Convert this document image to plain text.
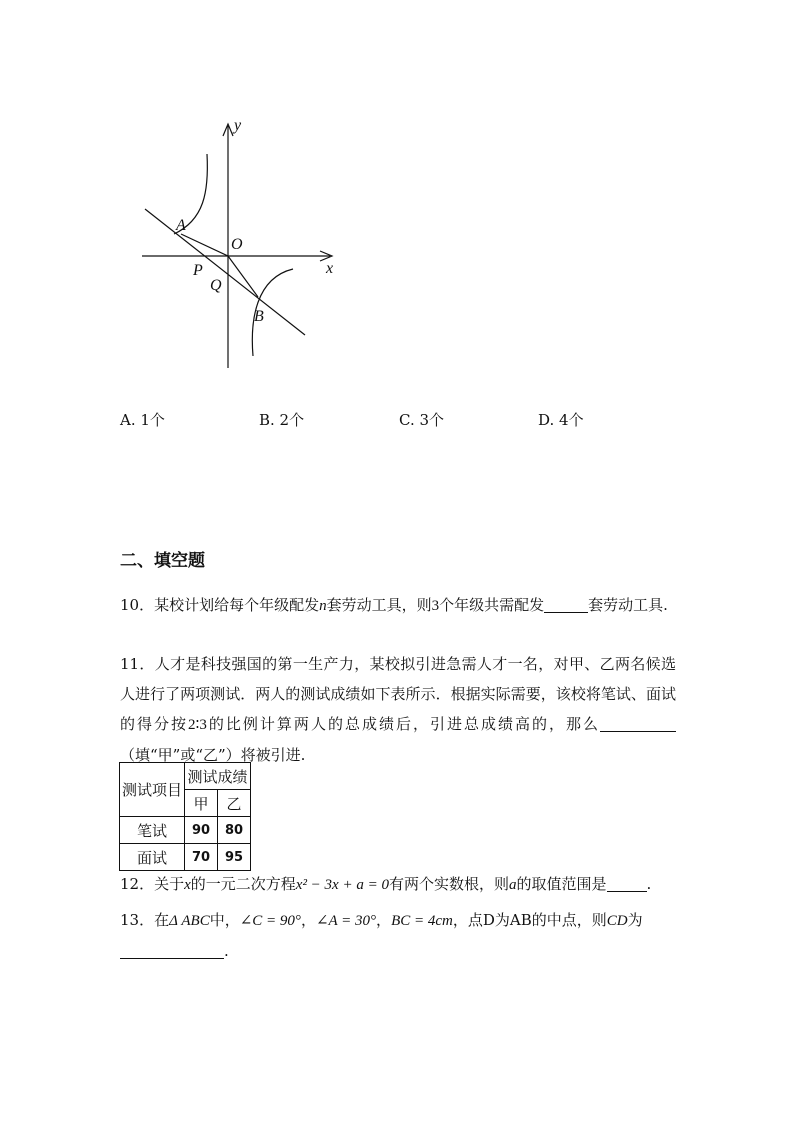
y
x
A
O
P
Q
B
A. 1个	B. 2个	C. 3个	D. 4个
二、填空题
10．某校计划给每个年级配发n套劳动工具，则3个年级共需配发	套劳动工具.
11．人才是科技强国的第一生产力，某校拟引进急需人才一名，对甲、乙两名候选人进行了两项测试．两人的测试成绩如下表所示．根据实际需要，该校将笔试、面试的得分按2∶3的比例计算两人的总成绩后，引进总成绩高的，那么（填“甲”或“乙”）将被引进.
测试项目	测试成绩	
	甲	乙
笔试	90	80
面试	70	95
12．关于x的一元二次方程x² − 3x + a = 0有两个实数根，则a的取值范围是	.
13．在Δ ABC中，∠C = 90°，∠A = 30°，BC = 4cm，点D为AB的中点，则CD为
.
